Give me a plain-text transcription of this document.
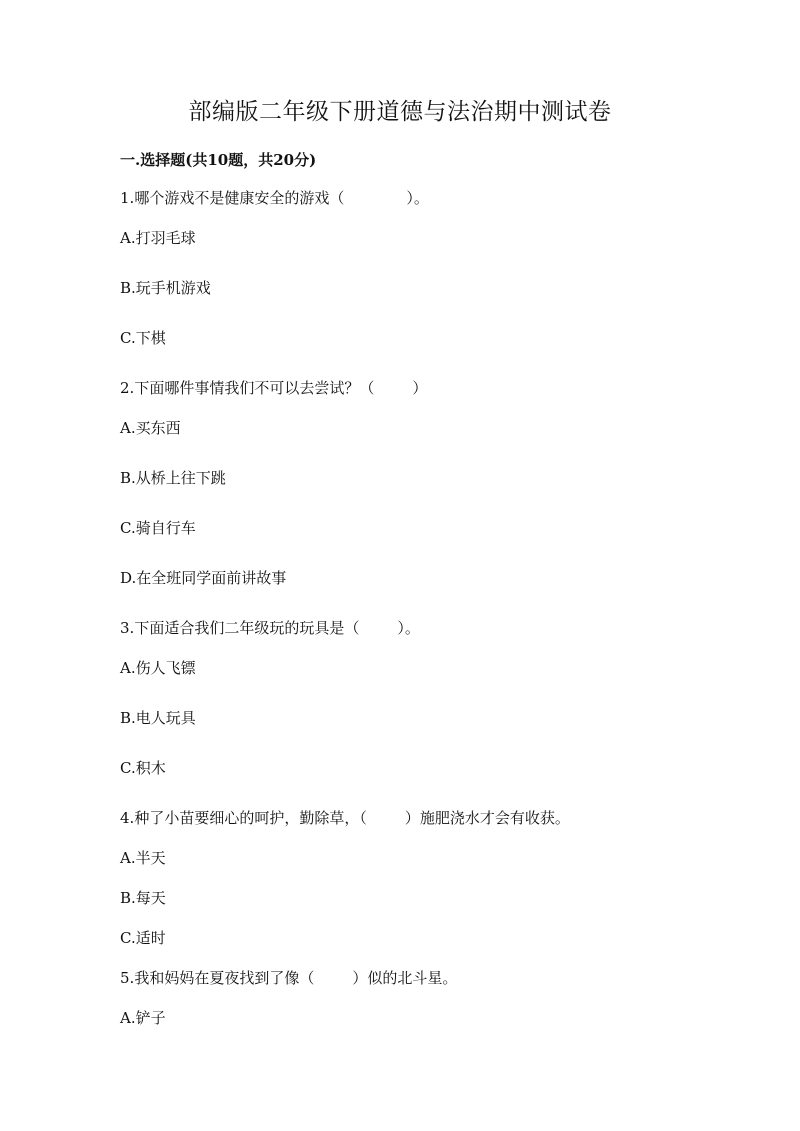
部编版二年级下册道德与法治期中测试卷
一.选择题(共10题，共20分)
1.哪个游戏不是健康安全的游戏（	）。
A.打羽毛球
B.玩手机游戏
C.下棋
2.下面哪件事情我们不可以去尝试？（	）
A.买东西
B.从桥上往下跳
C.骑自行车
D.在全班同学面前讲故事
3.下面适合我们二年级玩的玩具是（	）。
A.伤人飞镖
B.电人玩具
C.积木
4.种了小苗要细心的呵护，勤除草，（	）施肥浇水才会有收获。
A.半天
B.每天
C.适时
5.我和妈妈在夏夜找到了像（	）似的北斗星。
A.铲子
